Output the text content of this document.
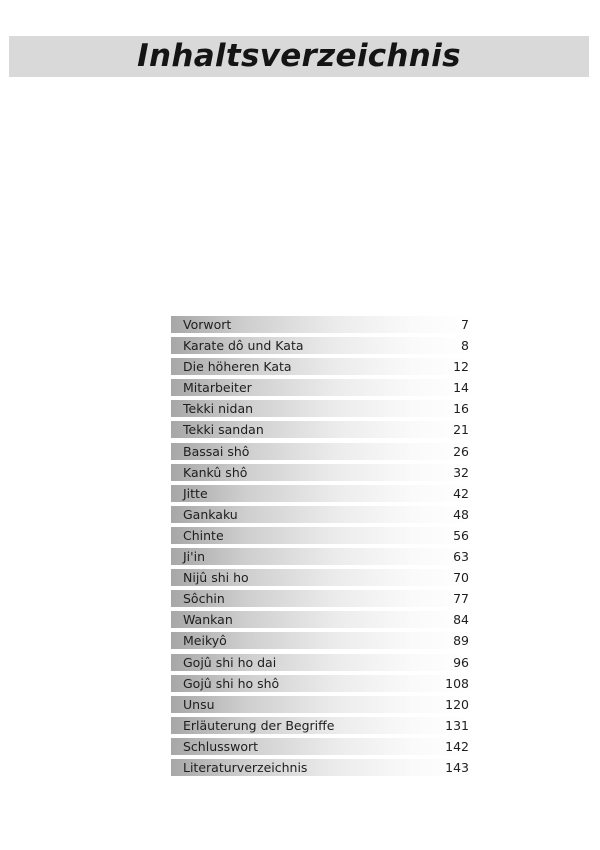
Inhaltsverzeichnis
Vorwort	7
Karate dô und Kata	8
Die höheren Kata	12
Mitarbeiter	14
Tekki nidan	16
Tekki sandan	21
Bassai shô	26
Kankû shô	32
Jitte	42
Gankaku	48
Chinte	56
Ji'in	63
Nijû shi ho	70
Sôchin	77
Wankan	84
Meikyô	89
Gojû shi ho dai	96
Gojû shi ho shô	108
Unsu	120
Erläuterung der Begriffe	131
Schlusswort	142
Literaturverzeichnis	143
